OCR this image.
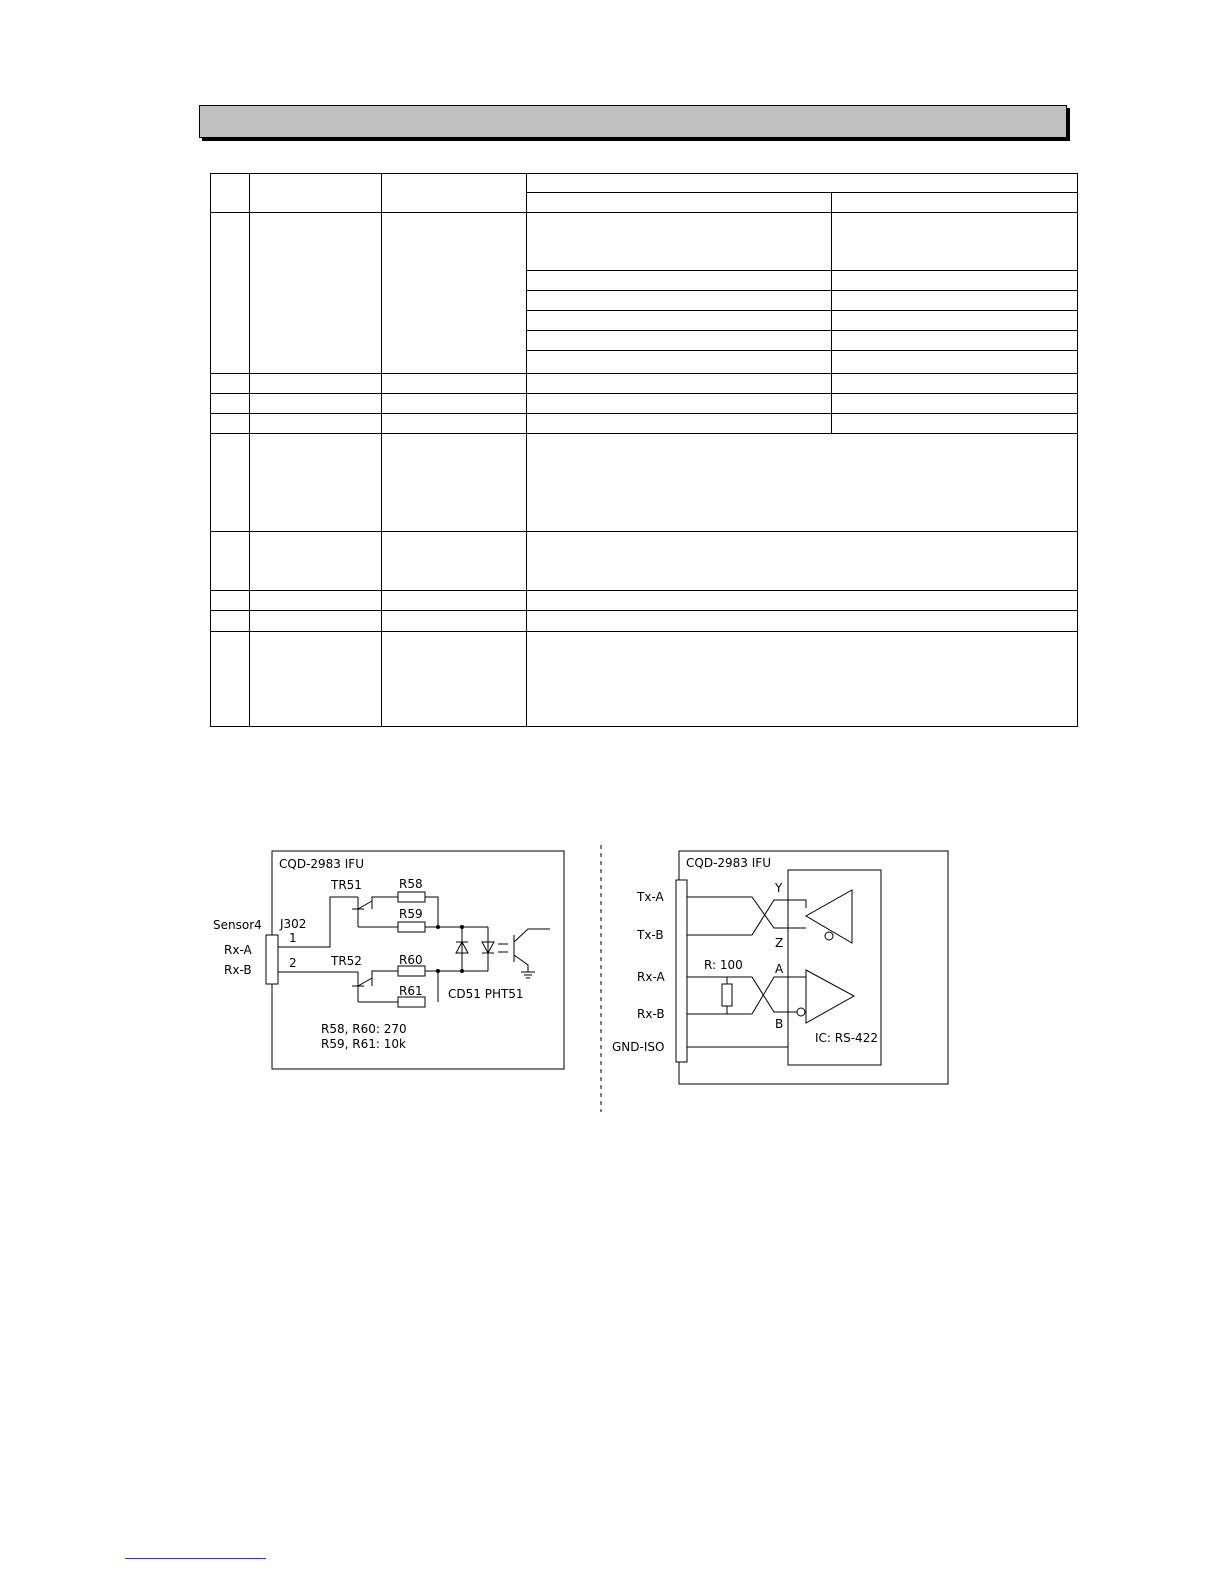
CQD-2983 IFU
Sensor4 J302
1
2
Rx-A
Rx-B
TR51
TR52
R58
R59
R60
R61 CD51 PHT51
R58, R60: 270
R59, R61: 10k
CQD-2983 IFU
Tx-A
Tx-B
Rx-A
Rx-B
GND-ISO
R: 100
Y
Z
A
B
IC: RS-422
